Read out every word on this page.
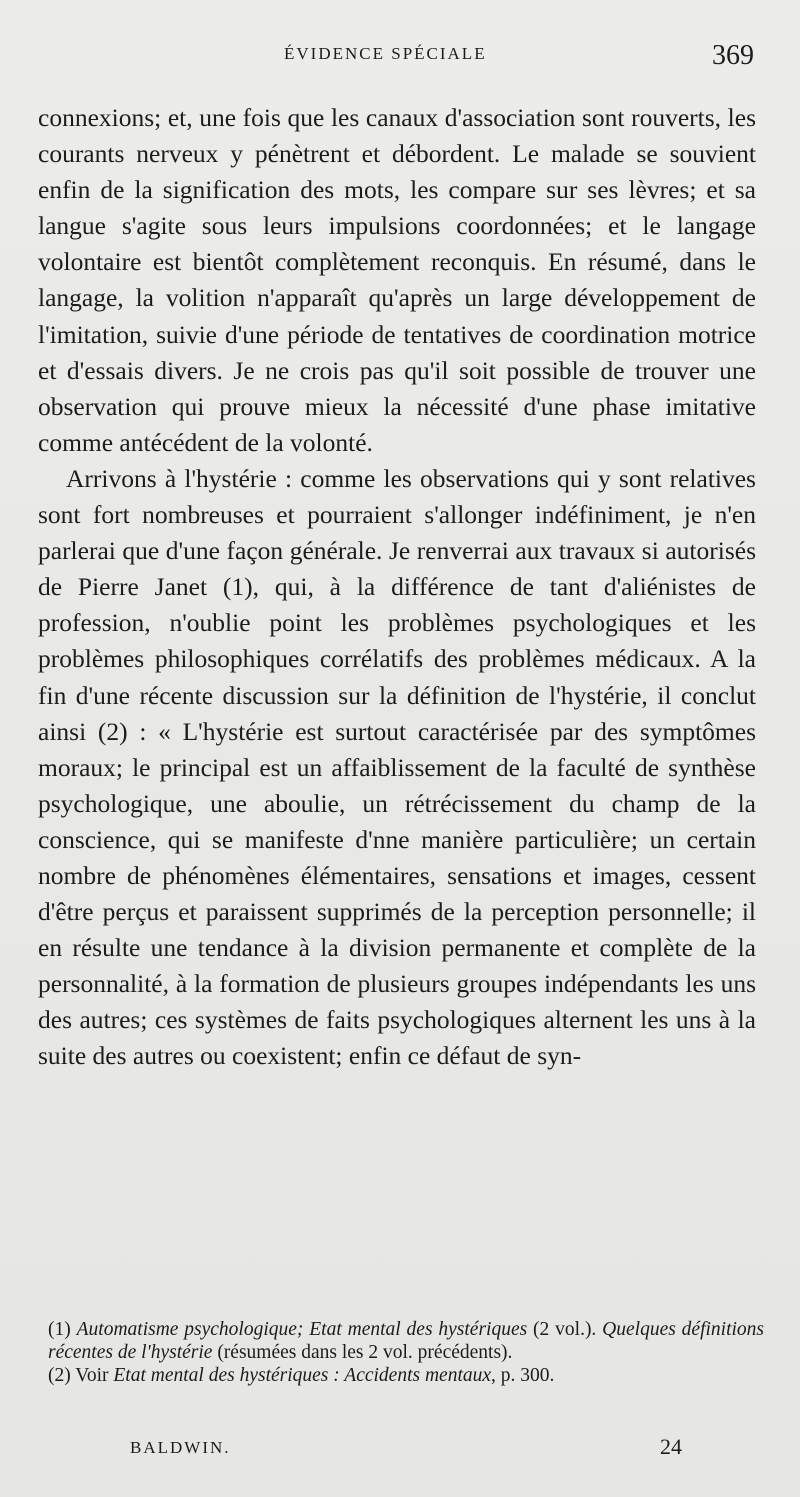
ÉVIDENCE SPÉCIALE	369

connexions; et, une fois que les canaux d'association sont rouverts, les courants nerveux y pénètrent et débordent. Le malade se souvient enfin de la signification des mots, les compare sur ses lèvres; et sa langue s'agite sous leurs impulsions coordonnées; et le langage volontaire est bientôt complètement reconquis. En résumé, dans le langage, la volition n'apparaît qu'après un large développement de l'imitation, suivie d'une période de tentatives de coordination motrice et d'essais divers. Je ne crois pas qu'il soit possible de trouver une observation qui prouve mieux la nécessité d'une phase imitative comme antécédent de la volonté.

Arrivons à l'hystérie : comme les observations qui y sont relatives sont fort nombreuses et pourraient s'allonger indéfiniment, je n'en parlerai que d'une façon générale. Je renverrai aux travaux si autorisés de Pierre Janet (1), qui, à la différence de tant d'aliénistes de profession, n'oublie point les problèmes psychologiques et les problèmes philosophiques corrélatifs des problèmes médicaux. A la fin d'une récente discussion sur la définition de l'hystérie, il conclut ainsi (2) : « L'hystérie est surtout caractérisée par des symptômes moraux; le principal est un affaiblissement de la faculté de synthèse psychologique, une aboulie, un rétrécissement du champ de la conscience, qui se manifeste d'nne manière particulière; un certain nombre de phénomènes élémentaires, sensations et images, cessent d'être perçus et paraissent supprimés de la perception personnelle; il en résulte une tendance à la division permanente et complète de la personnalité, à la formation de plusieurs groupes indépendants les uns des autres; ces systèmes de faits psychologiques alternent les uns à la suite des autres ou coexistent; enfin ce défaut de syn-

(1) Automatisme psychologique; Etat mental des hystériques (2 vol.). Quelques définitions récentes de l'hystérie (résumées dans les 2 vol. précédents).

(2) Voir Etat mental des hystériques : Accidents mentaux, p. 300.

BALDWIN.	24
